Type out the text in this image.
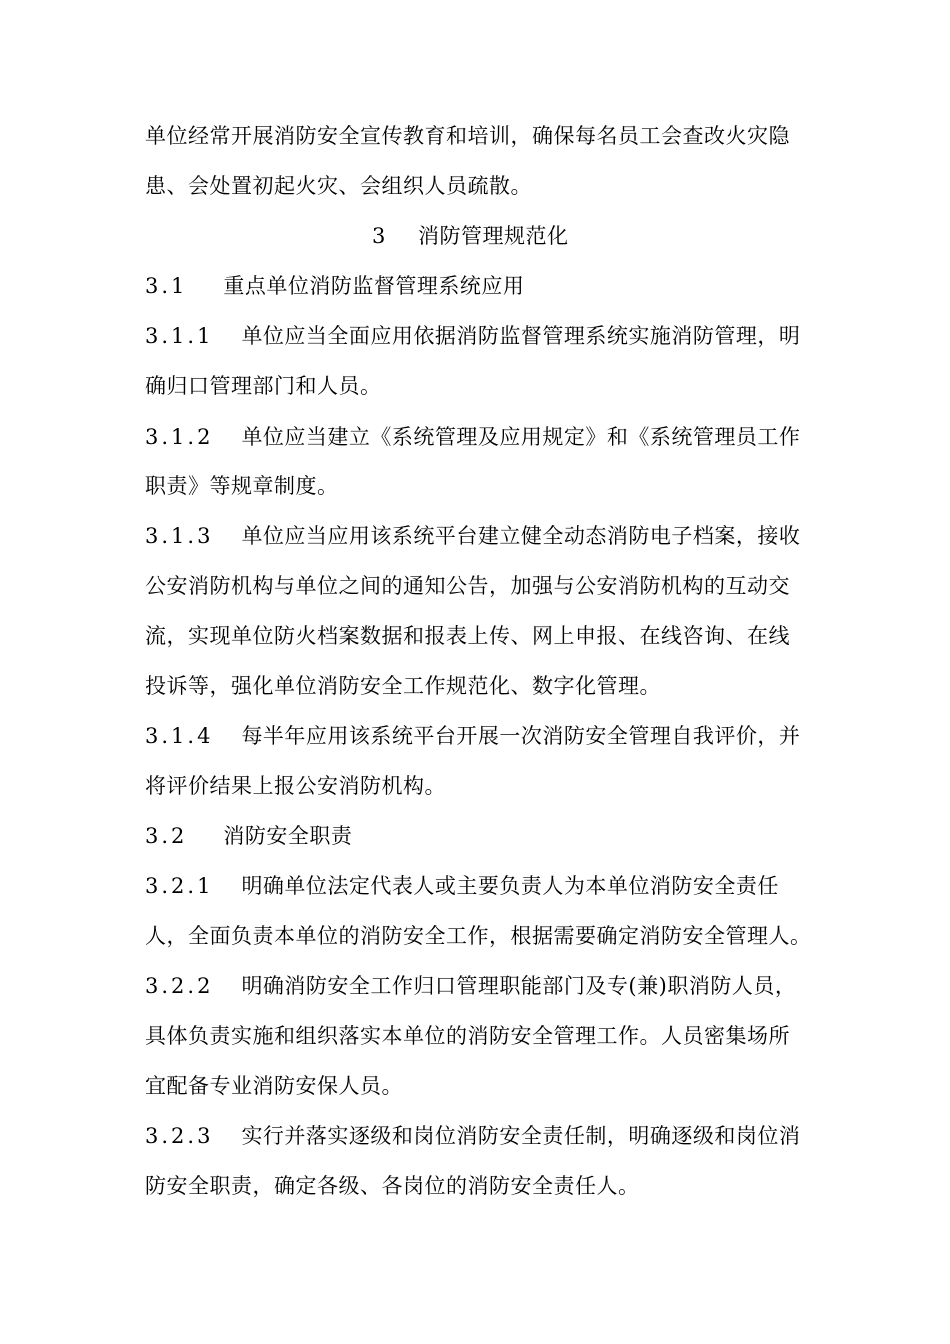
单位经常开展消防安全宣传教育和培训，确保每名员工会查改火灾隐
患、会处置初起火灾、会组织人员疏散。
3 消防管理规范化
3.1 重点单位消防监督管理系统应用
3.1.1 单位应当全面应用依据消防监督管理系统实施消防管理，明
确归口管理部门和人员。
3.1.2 单位应当建立《系统管理及应用规定》和《系统管理员工作
职责》等规章制度。
3.1.3 单位应当应用该系统平台建立健全动态消防电子档案，接收
公安消防机构与单位之间的通知公告，加强与公安消防机构的互动交
流，实现单位防火档案数据和报表上传、网上申报、在线咨询、在线
投诉等，强化单位消防安全工作规范化、数字化管理。
3.1.4 每半年应用该系统平台开展一次消防安全管理自我评价，并
将评价结果上报公安消防机构。
3.2 消防安全职责
3.2.1 明确单位法定代表人或主要负责人为本单位消防安全责任
人，全面负责本单位的消防安全工作，根据需要确定消防安全管理人。
3.2.2 明确消防安全工作归口管理职能部门及专(兼)职消防人员，
具体负责实施和组织落实本单位的消防安全管理工作。人员密集场所
宜配备专业消防安保人员。
3.2.3 实行并落实逐级和岗位消防安全责任制，明确逐级和岗位消
防安全职责，确定各级、各岗位的消防安全责任人。
